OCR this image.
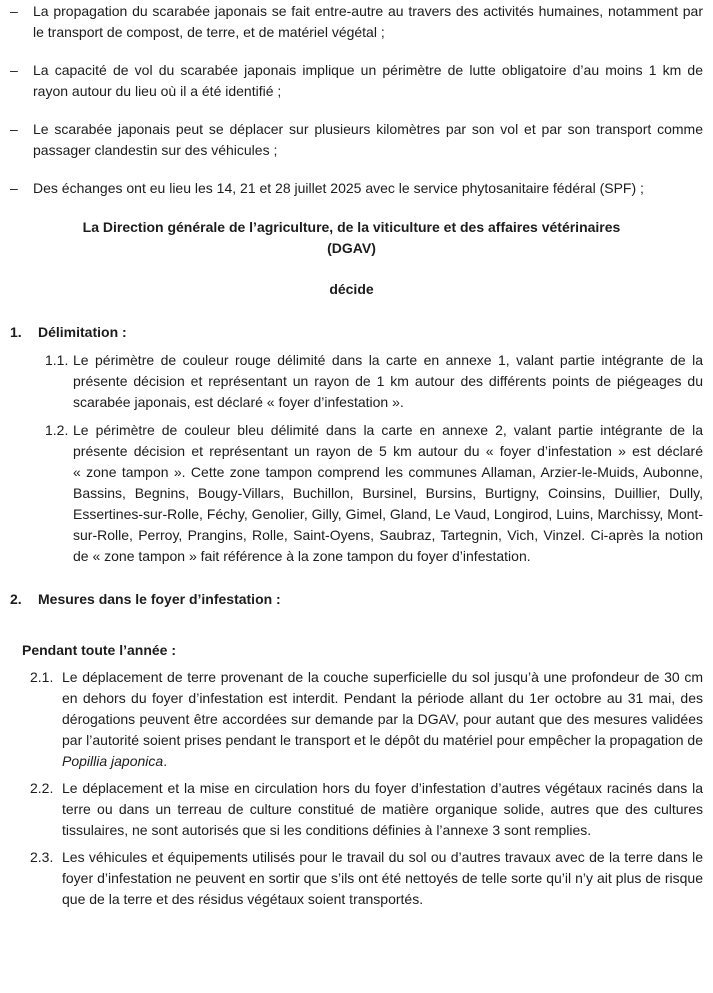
– La propagation du scarabée japonais se fait entre-autre au travers des activités humaines, notamment par le transport de compost, de terre, et de matériel végétal ;

– La capacité de vol du scarabée japonais implique un périmètre de lutte obligatoire d’au moins 1 km de rayon autour du lieu où il a été identifié ;

– Le scarabée japonais peut se déplacer sur plusieurs kilomètres par son vol et par son transport comme passager clandestin sur des véhicules ;

– Des échanges ont eu lieu les 14, 21 et 28 juillet 2025 avec le service phytosanitaire fédéral (SPF) ;

La Direction générale de l’agriculture, de la viticulture et des affaires vétérinaires
(DGAV)
décide
1. Délimitation :
1.1. Le périmètre de couleur rouge délimité dans la carte en annexe 1, valant partie intégrante de la présente décision et représentant un rayon de 1 km autour des différents points de piégeages du scarabée japonais, est déclaré « foyer d’infestation ».

1.2. Le périmètre de couleur bleu délimité dans la carte en annexe 2, valant partie intégrante de la présente décision et représentant un rayon de 5 km autour du « foyer d’infestation » est déclaré « zone tampon ». Cette zone tampon comprend les communes Allaman, Arzier-le-Muids, Aubonne, Bassins, Begnins, Bougy-Villars, Buchillon, Bursinel, Bursins, Burtigny, Coinsins, Duillier, Dully, Essertines-sur-Rolle, Féchy, Genolier, Gilly, Gimel, Gland, Le Vaud, Longirod, Luins, Marchissy, Mont-sur-Rolle, Perroy, Prangins, Rolle, Saint-Oyens, Saubraz, Tartegnin, Vich, Vinzel. Ci-après la notion de « zone tampon » fait référence à la zone tampon du foyer d’infestation.

2. Mesures dans le foyer d’infestation :
Pendant toute l’année :
2.1. Le déplacement de terre provenant de la couche superficielle du sol jusqu’à une profondeur de 30 cm en dehors du foyer d’infestation est interdit. Pendant la période allant du 1er octobre au 31 mai, des dérogations peuvent être accordées sur demande par la DGAV, pour autant que des mesures validées par l’autorité soient prises pendant le transport et le dépôt du matériel pour empêcher la propagation de Popillia japonica.

2.2. Le déplacement et la mise en circulation hors du foyer d’infestation d’autres végétaux racinés dans la terre ou dans un terreau de culture constitué de matière organique solide, autres que des cultures tissulaires, ne sont autorisés que si les conditions définies à l’annexe 3 sont remplies.

2.3. Les véhicules et équipements utilisés pour le travail du sol ou d’autres travaux avec de la terre dans le foyer d’infestation ne peuvent en sortir que s’ils ont été nettoyés de telle sorte qu’il n’y ait plus de risque que de la terre et des résidus végétaux soient transportés.
